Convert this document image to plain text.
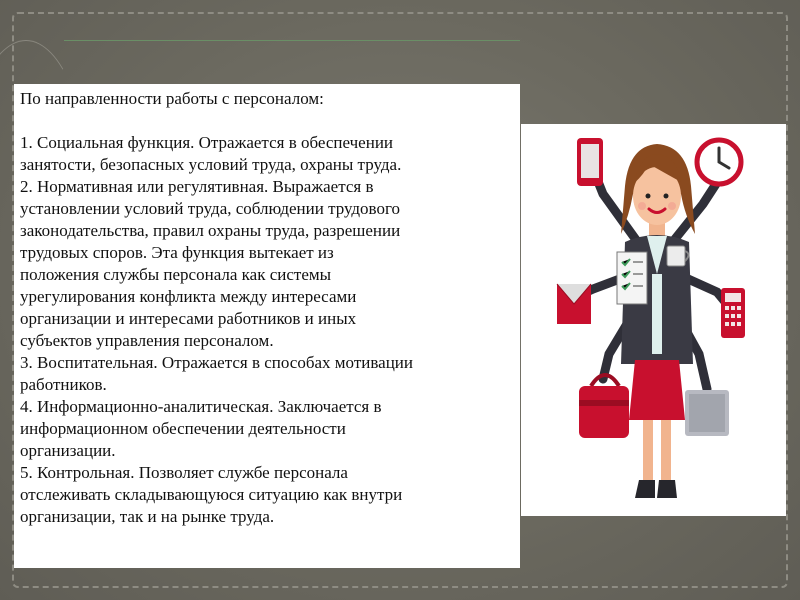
По направленности работы с персоналом:

1. Социальная функция. Отражается в обеспечении
занятости, безопасных условий труда, охраны труда.

2. Нормативная или регулятивная. Выражается в
установлении условий труда, соблюдении трудового
законодательства, правил охраны труда, разрешении
трудовых споров. Эта функция вытекает из
положения службы персонала как системы
урегулирования конфликта между интересами
организации и интересами работников и иных
субъектов управления персоналом.

3. Воспитательная. Отражается в способах мотивации
работников.

4. Информационно-аналитическая. Заключается в
информационном обеспечении деятельности
организации.

5. Контрольная. Позволяет службе персонала
отслеживать складывающуюся ситуацию как внутри
организации, так и на рынке труда.
